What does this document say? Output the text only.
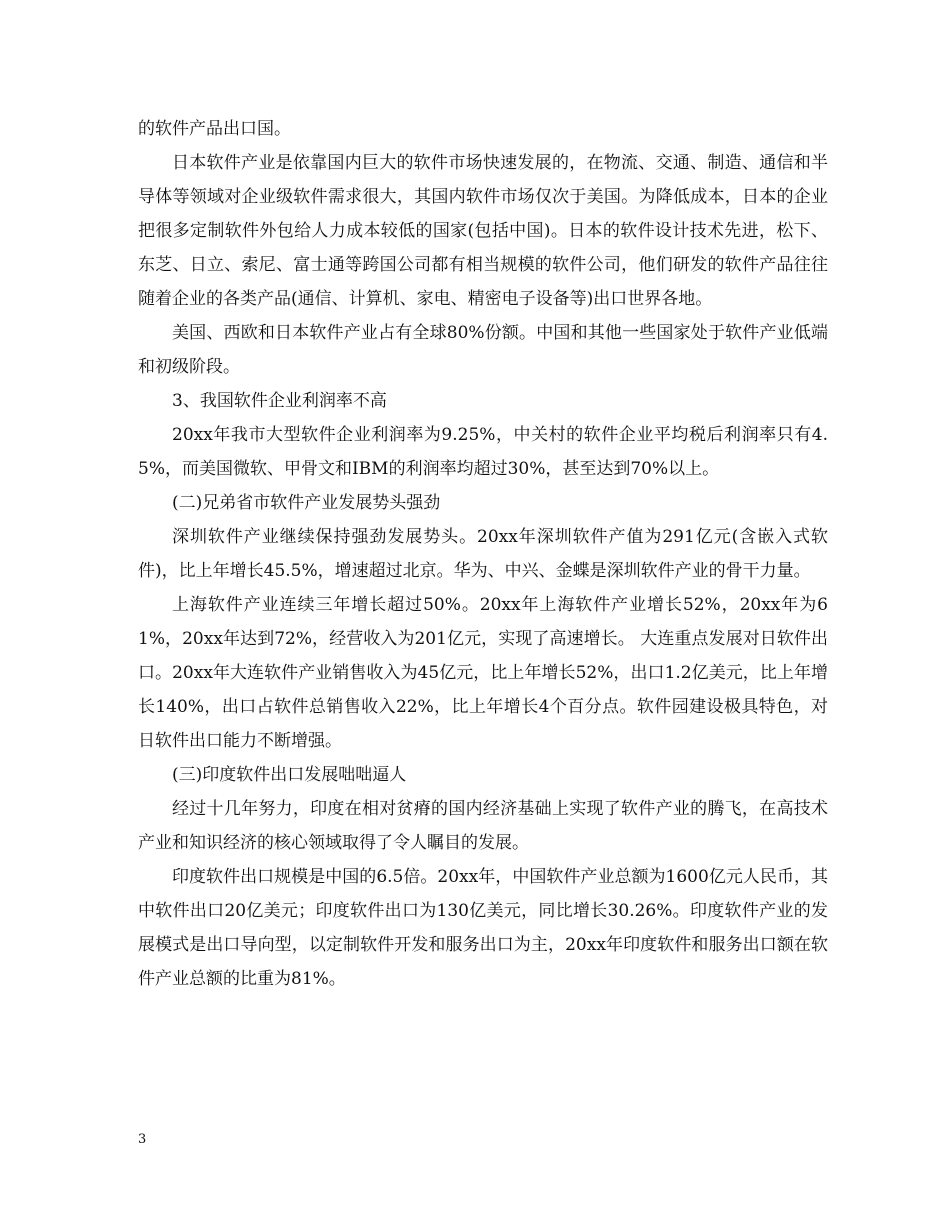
的软件产品出口国。

日本软件产业是依靠国内巨大的软件市场快速发展的，在物流、交通、制造、通信和半导体等领域对企业级软件需求很大，其国内软件市场仅次于美国。为降低成本，日本的企业把很多定制软件外包给人力成本较低的国家(包括中国)。日本的软件设计技术先进，松下、东芝、日立、索尼、富士通等跨国公司都有相当规模的软件公司，他们研发的软件产品往往随着企业的各类产品(通信、计算机、家电、精密电子设备等)出口世界各地。

美国、西欧和日本软件产业占有全球80%份额。中国和其他一些国家处于软件产业低端和初级阶段。

3、我国软件企业利润率不高

20xx年我市大型软件企业利润率为9.25%，中关村的软件企业平均税后利润率只有4.5%，而美国微软、甲骨文和IBM的利润率均超过30%，甚至达到70%以上。

(二)兄弟省市软件产业发展势头强劲

深圳软件产业继续保持强劲发展势头。20xx年深圳软件产值为291亿元(含嵌入式软件)，比上年增长45.5%，增速超过北京。华为、中兴、金蝶是深圳软件产业的骨干力量。

上海软件产业连续三年增长超过50%。20xx年上海软件产业增长52%，20xx年为61%，20xx年达到72%，经营收入为201亿元，实现了高速增长。 大连重点发展对日软件出口。20xx年大连软件产业销售收入为45亿元，比上年增长52%，出口1.2亿美元，比上年增长140%，出口占软件总销售收入22%，比上年增长4个百分点。软件园建设极具特色，对日软件出口能力不断增强。

(三)印度软件出口发展咄咄逼人

经过十几年努力，印度在相对贫瘠的国内经济基础上实现了软件产业的腾飞，在高技术产业和知识经济的核心领域取得了令人瞩目的发展。

印度软件出口规模是中国的6.5倍。20xx年，中国软件产业总额为1600亿元人民币，其中软件出口20亿美元；印度软件出口为130亿美元，同比增长30.26%。印度软件产业的发展模式是出口导向型，以定制软件开发和服务出口为主，20xx年印度软件和服务出口额在软件产业总额的比重为81%。

3
